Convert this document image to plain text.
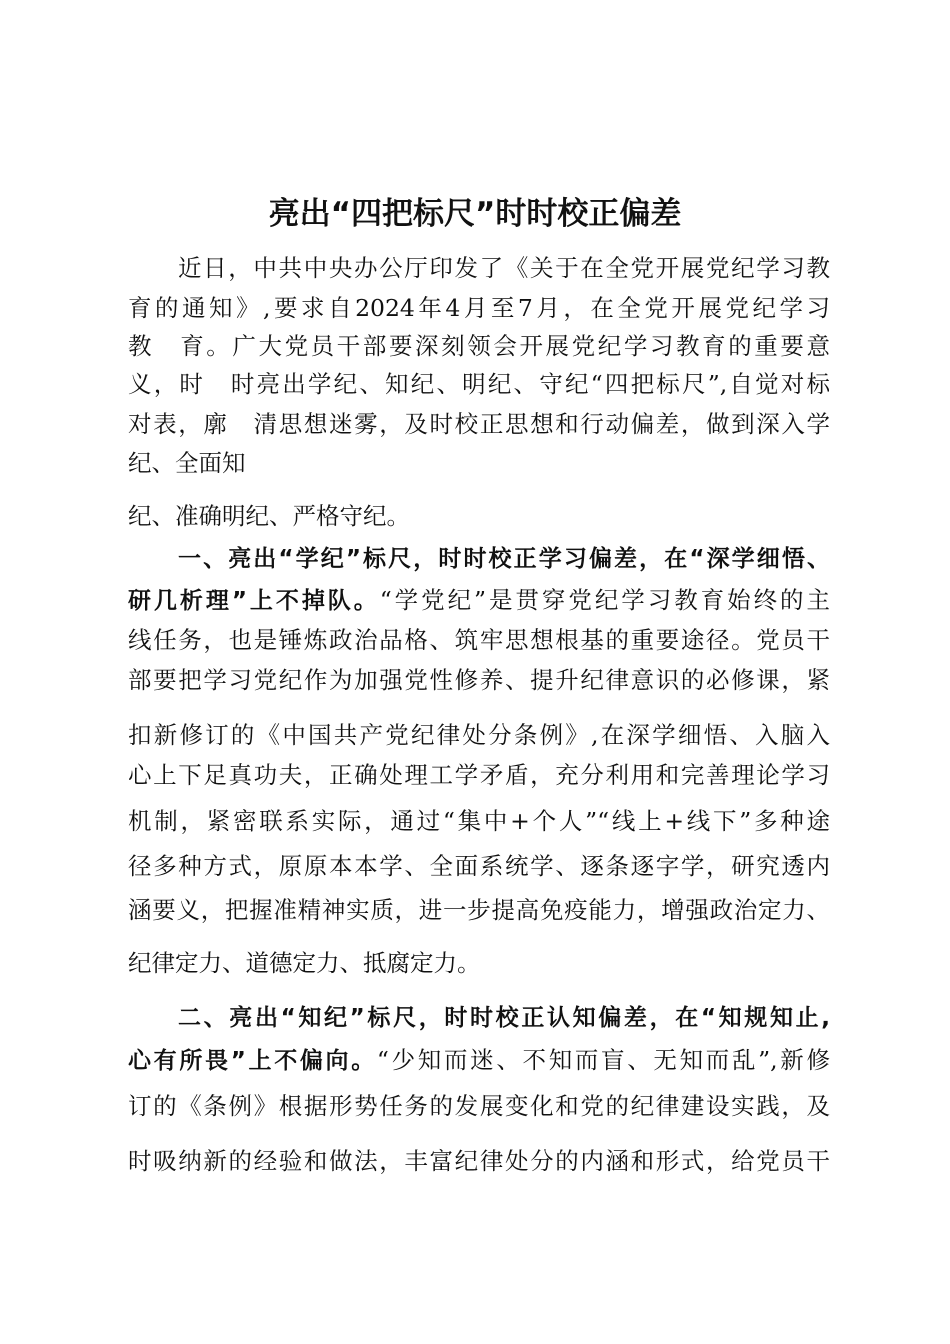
亮出“四把标尺”时时校正偏差
近日，中共中央办公厅印发了《关于在全党开展党纪学习教
育的通知》,要求自2024年4月至7月，在全党开展党纪学习
教　育。广大党员干部要深刻领会开展党纪学习教育的重要意
义，时　时亮出学纪、知纪、明纪、守纪“四把标尺”,自觉对标
对表，廓　清思想迷雾，及时校正思想和行动偏差，做到深入学
纪、全面知
纪、准确明纪、严格守纪。
一、亮出“学纪”标尺，时时校正学习偏差，在“深学细悟、
研几析理”上不掉队。“学党纪”是贯穿党纪学习教育始终的主
线任务，也是锤炼政治品格、筑牢思想根基的重要途径。党员干
部要把学习党纪作为加强党性修养、提升纪律意识的必修课，紧
扣新修订的《中国共产党纪律处分条例》,在深学细悟、入脑入
心上下足真功夫，正确处理工学矛盾，充分利用和完善理论学习
机制，紧密联系实际，通过“集中+个人”“线上+线下”多种途
径多种方式，原原本本学、全面系统学、逐条逐字学，研究透内
涵要义，把握准精神实质，进一步提高免疫能力，增强政治定力、
纪律定力、道德定力、抵腐定力。
二、亮出“知纪”标尺，时时校正认知偏差，在“知规知止,
心有所畏”上不偏向。“少知而迷、不知而盲、无知而乱”,新修
订的《条例》根据形势任务的发展变化和党的纪律建设实践，及
时吸纳新的经验和做法，丰富纪律处分的内涵和形式，给党员干
